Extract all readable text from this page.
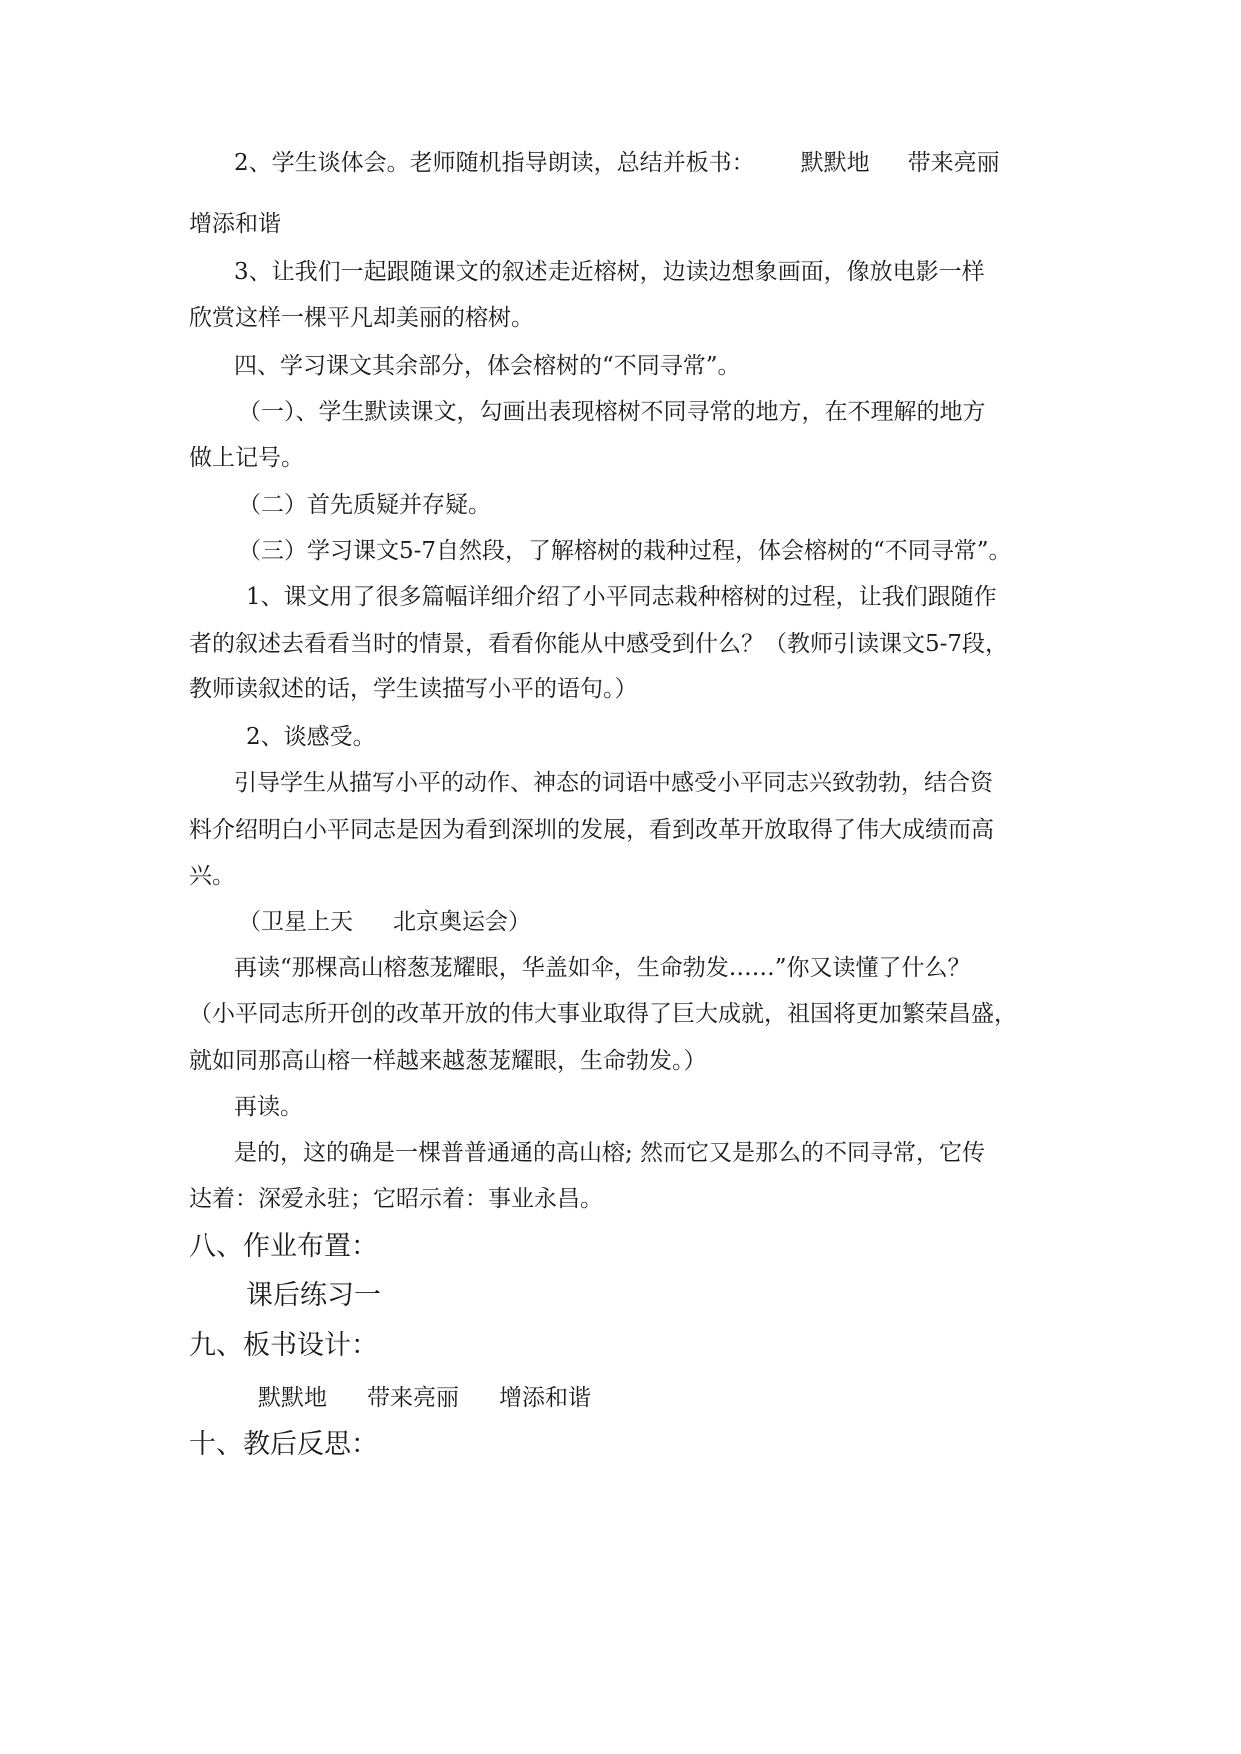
2、学生谈体会。老师随机指导朗读，总结并板书： 默默地 带来亮丽
增添和谐
3、让我们一起跟随课文的叙述走近榕树，边读边想象画面，像放电影一样
欣赏这样一棵平凡却美丽的榕树。
四、学习课文其余部分，体会榕树的“不同寻常”。
（一）、学生默读课文，勾画出表现榕树不同寻常的地方，在不理解的地方
做上记号。
（二）首先质疑并存疑。
（三）学习课文5-7自然段，了解榕树的栽种过程，体会榕树的“不同寻常”。
1、课文用了很多篇幅详细介绍了小平同志栽种榕树的过程，让我们跟随作
者的叙述去看看当时的情景，看看你能从中感受到什么？（教师引读课文5-7段，
教师读叙述的话，学生读描写小平的语句。）
2、谈感受。
引导学生从描写小平的动作、神态的词语中感受小平同志兴致勃勃，结合资
料介绍明白小平同志是因为看到深圳的发展，看到改革开放取得了伟大成绩而高
兴。
（卫星上天 北京奥运会）
再读“那棵高山榕葱茏耀眼，华盖如伞，生命勃发……”你又读懂了什么？
（小平同志所开创的改革开放的伟大事业取得了巨大成就，祖国将更加繁荣昌盛，
就如同那高山榕一样越来越葱茏耀眼，生命勃发。）
再读。
是的，这的确是一棵普普通通的高山榕; 然而它又是那么的不同寻常，它传
达着：深爱永驻；它昭示着：事业永昌。
八、作业布置：
课后练习一
九、板书设计：
默默地 带来亮丽 增添和谐
十、教后反思：
